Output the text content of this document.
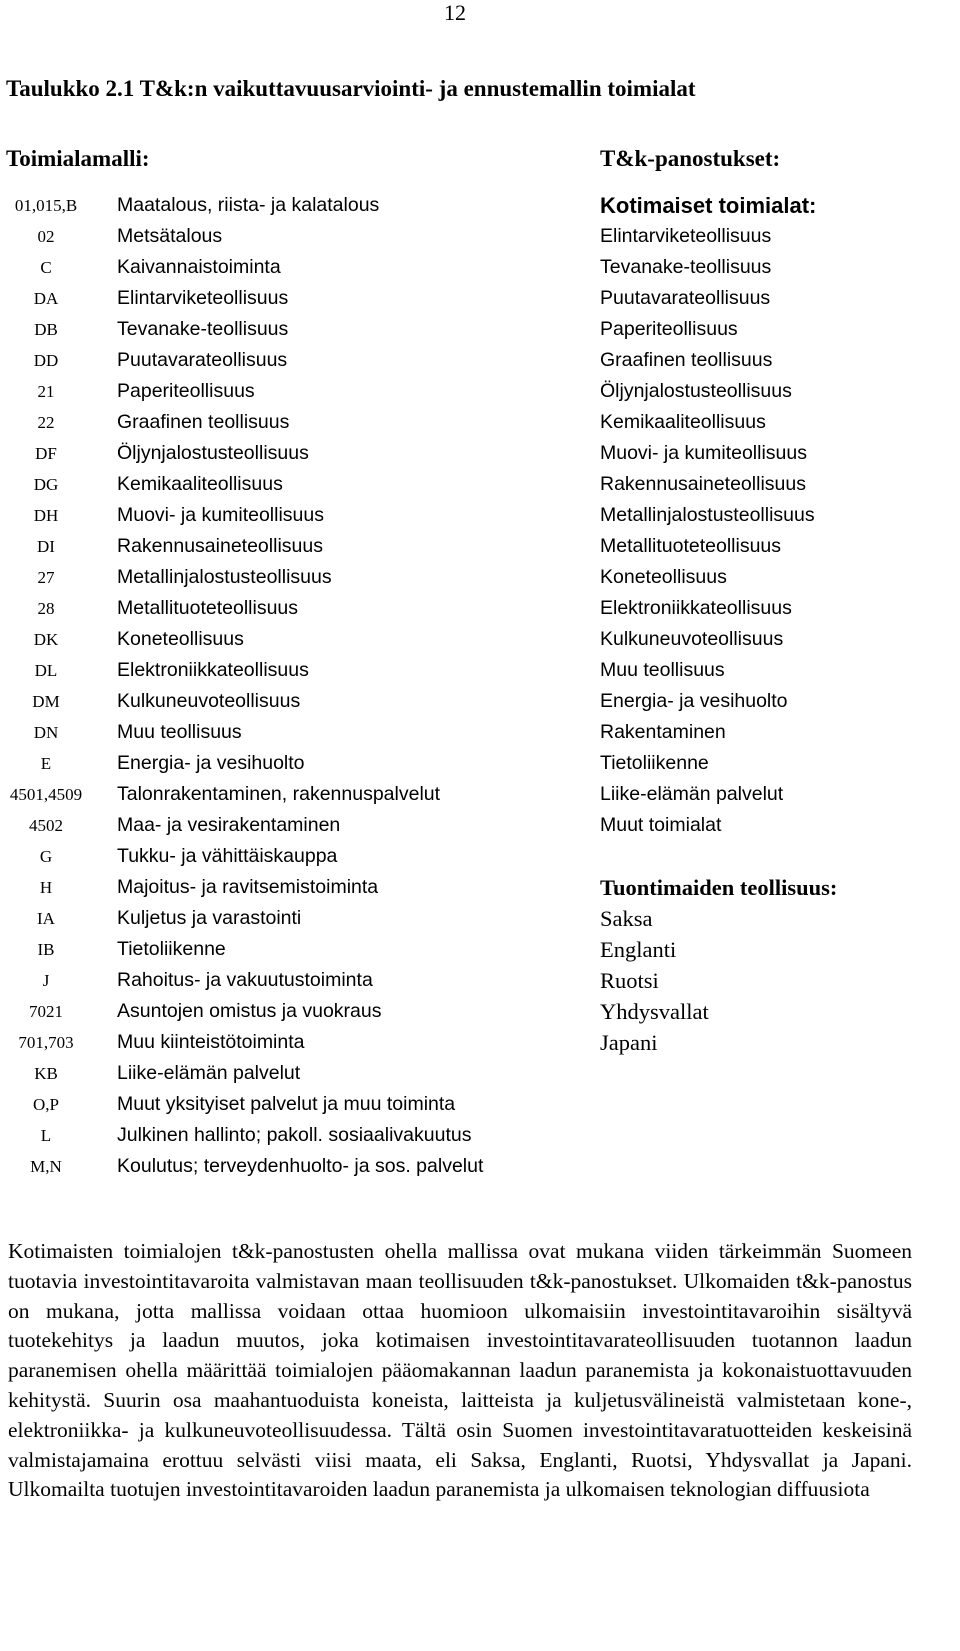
12
Taulukko 2.1 T&k:n vaikuttavuusarviointi- ja ennustemallin toimialat
Toimialamalli:	T&k-panostukset:
01,015,B	Maatalous, riista- ja kalatalous	Kotimaiset toimialat:
02	Metsätalous	Elintarviketeollisuus
C	Kaivannaistoiminta	Tevanake-teollisuus
DA	Elintarviketeollisuus	Puutavarateollisuus
DB	Tevanake-teollisuus	Paperiteollisuus
DD	Puutavarateollisuus	Graafinen teollisuus
21	Paperiteollisuus	Öljynjalostusteollisuus
22	Graafinen teollisuus	Kemikaaliteollisuus
DF	Öljynjalostusteollisuus	Muovi- ja kumiteollisuus
DG	Kemikaaliteollisuus	Rakennusaineteollisuus
DH	Muovi- ja kumiteollisuus	Metallinjalostusteollisuus
DI	Rakennusaineteollisuus	Metallituoteteollisuus
27	Metallinjalostusteollisuus	Koneteollisuus
28	Metallituoteteollisuus	Elektroniikkateollisuus
DK	Koneteollisuus	Kulkuneuvoteollisuus
DL	Elektroniikkateollisuus	Muu teollisuus
DM	Kulkuneuvoteollisuus	Energia- ja vesihuolto
DN	Muu teollisuus	Rakentaminen
E	Energia- ja vesihuolto	Tietoliikenne
4501,4509	Talonrakentaminen, rakennuspalvelut	Liike-elämän palvelut
4502	Maa- ja vesirakentaminen	Muut toimialat
G	Tukku- ja vähittäiskauppa
H	Majoitus- ja ravitsemistoiminta	Tuontimaiden teollisuus:
IA	Kuljetus ja varastointi	Saksa
IB	Tietoliikenne	Englanti
J	Rahoitus- ja vakuutustoiminta	Ruotsi
7021	Asuntojen omistus ja vuokraus	Yhdysvallat
701,703	Muu kiinteistötoiminta	Japani
KB	Liike-elämän palvelut
O,P	Muut yksityiset palvelut ja muu toiminta
L	Julkinen hallinto; pakoll. sosiaalivakuutus
M,N	Koulutus; terveydenhuolto- ja sos. palvelut

Kotimaisten toimialojen t&k-panostusten ohella mallissa ovat mukana viiden tärkeimmän Suomeen tuotavia investointitavaroita valmistavan maan teollisuuden t&k-panostukset. Ulkomaiden t&k-panostus on mukana, jotta mallissa voidaan ottaa huomioon ulkomaisiin investointitavaroihin sisältyvä tuotekehitys ja laadun muutos, joka kotimaisen investointitavarateollisuuden tuotannon laadun paranemisen ohella määrittää toimialojen pääomakannan laadun paranemista ja kokonaistuottavuuden kehitystä. Suurin osa maahantuoduista koneista, laitteista ja kuljetusvälineistä valmistetaan kone-, elektroniikka- ja kulkuneuvoteollisuudessa. Tältä osin Suomen investointitavaratuotteiden keskeisinä valmistajamaina erottuu selvästi viisi maata, eli Saksa, Englanti, Ruotsi, Yhdysvallat ja Japani. Ulkomailta tuotujen investointitavaroiden laadun paranemista ja ulkomaisen teknologian diffuusiota
